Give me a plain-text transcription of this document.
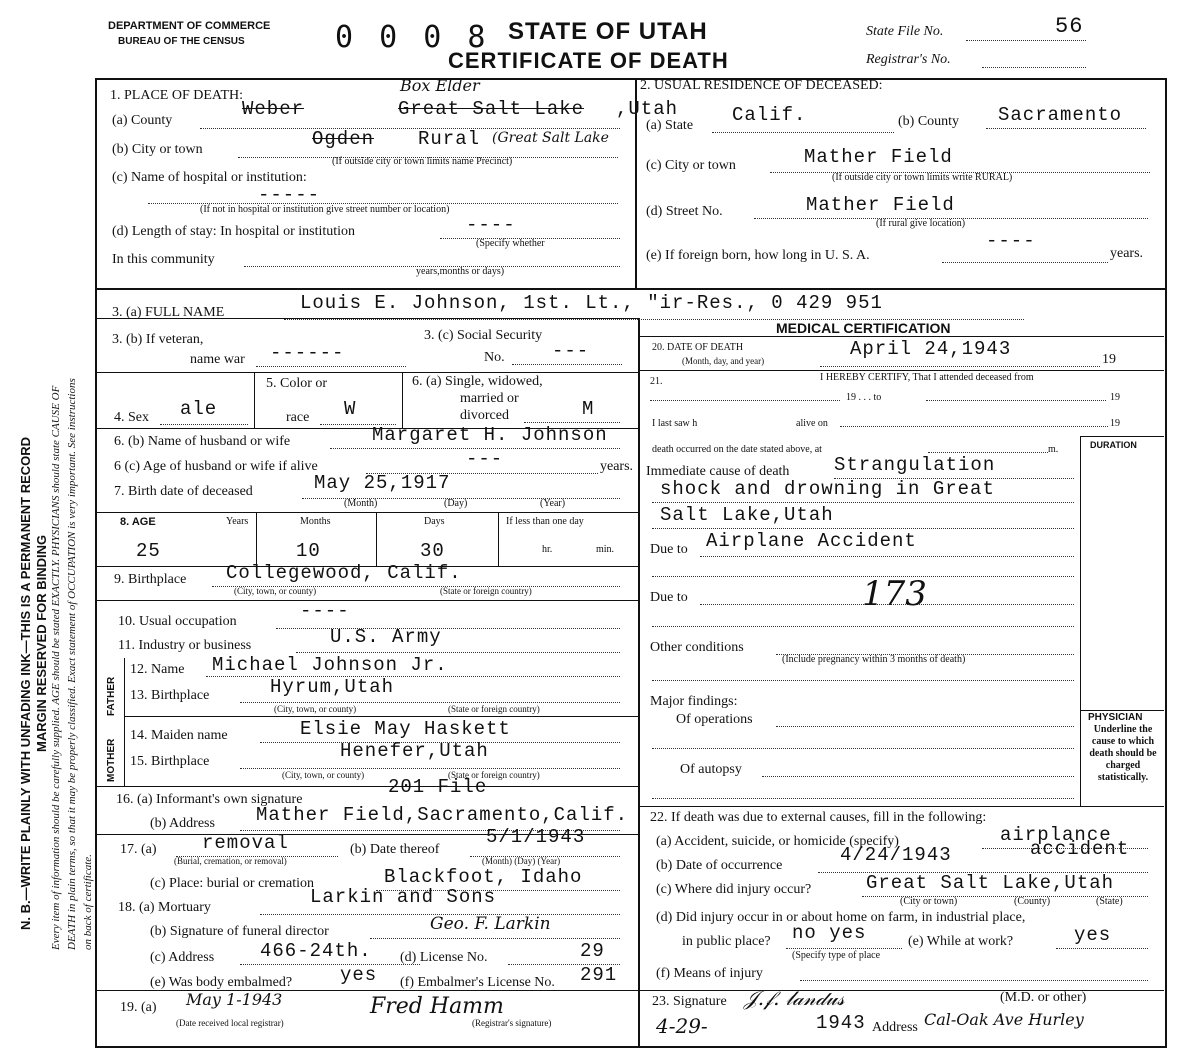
DEPARTMENT OF COMMERCE
BUREAU OF THE CENSUS	0 0 0 8 STATE OF UTAH
CERTIFICATE OF DEATH
State File No.	56
Registrar's No.
N. B.—WRITE PLAINLY WITH UNFADING INK—THIS IS A PERMANENT RECORD MARGIN RESERVED FOR BINDING Every item of information should be carefully supplied. AGE should be stated EXACTLY. PHYSICIANS should state CAUSE OF DEATH in plain terms, so that it may be properly classified. Exact statement of OCCUPATION is very important. See instructions on back of certificate.
1. PLACE OF DEATH:
Box Elder
(a) County
Weber	Great Salt Lake ,Utah
(b) City or town	Ogden Rural (Great Salt Lake
(If outside city or town limits name Precinct)
(c) Name of hospital or institution:
-----
(If not in hospital or institution give street number or location)
(d) Length of stay: In hospital or institution	----
(Specify whether
In this community
years,months or days)
2. USUAL RESIDENCE OF DECEASED:
(a) State Calif.	(b) County Sacramento
(c) City or town	Mather Field
(If outside city or town limits write RURAL)
(d) Street No.	Mather Field
(If rural give location)
(e) If foreign born, how long in U. S. A.
----
years.
3. (a) FULL NAME	Louis E. Johnson, 1st. Lt., "ir-Res., 0 429 951
MEDICAL CERTIFICATION
3. (b) If veteran,
name war ------
3. (c) Social Security
No. ---
4. Sex ale
5. Color or
race W
6. (a) Single, widowed,
married or
divorced	M
6. (b) Name of husband or wife	Margaret H. Johnson
6 (c) Age of husband or wife if alive	---	years.
7. Birth date of deceased	May 25,1917
(Month)	(Day)	(Year)
8. AGE	Years	Months	Days	If less than one day
25	10	30	hr.	min.
9. Birthplace Collegewood, Calif.
(City, town, or county)	(State or foreign country)
10. Usual occupation	----
11. Industry or business	U.S. Army
FATHER
MOTHER
12. Name Michael Johnson Jr.
13. Birthplace	Hyrum,Utah
(City, town, or county)	(State or foreign country)
14. Maiden name	Elsie May Haskett
15. Birthplace	Henefer,Utah
(City, town, or county)	(State or foreign country)
16. (a) Informant's own signature
201 File
(b) Address Mather Field,Sacramento,Calif.
17. (a) removal
(Burial, cremation, or removal)
(b) Date thereof
5/1/1943
(Month) (Day) (Year)
(c) Place: burial or cremation	Blackfoot, Idaho
18. (a) Mortuary	Larkin and Sons
(b) Signature of funeral director	Geo. F. Larkin
(c) Address 466-24th. (d) License No.	29
(e) Was body embalmed?	yes (f) Embalmer's License No. 291
19. (a) May 1-1943
(Date received local registrar)
Fred Hamm
(Registrar's signature)
20. DATE OF DEATH
(Month, day, and year)
April 24,1943	19
21.	I HEREBY CERTIFY, That I attended deceased from
19 . . . to	19
I last saw h	alive on	19
death occurred on the date stated above, at	m.	DURATION
Immediate cause of death Strangulation
shock and drowning in Great
Salt Lake,Utah
Due to Airplane Accident
Due to	173
Other conditions
(Include pregnancy within 3 months of death)
Major findings:
Of operations
Of autopsy
PHYSICIAN
Underline the cause to which death should be charged statistically.
22. If death was due to external causes, fill in the following:
(a) Accident, suicide, or homicide (specify)	airplance
accident
(b) Date of occurrence	4/24/1943
(c) Where did injury occur?	Great Salt Lake,Utah
(City or town)	(County)	(State)
(d) Did injury occur in or about home on farm, in industrial place,
in public place? no yes
(Specify type of place
(e) While at work?	yes
(f) Means of injury
23. Signature 𝒥.𝒻. 𝓁𝒶𝓃𝒹𝓊𝓈	(M.D. or other)
4-29-	1943 Address Cal-Oak Ave Hurley
